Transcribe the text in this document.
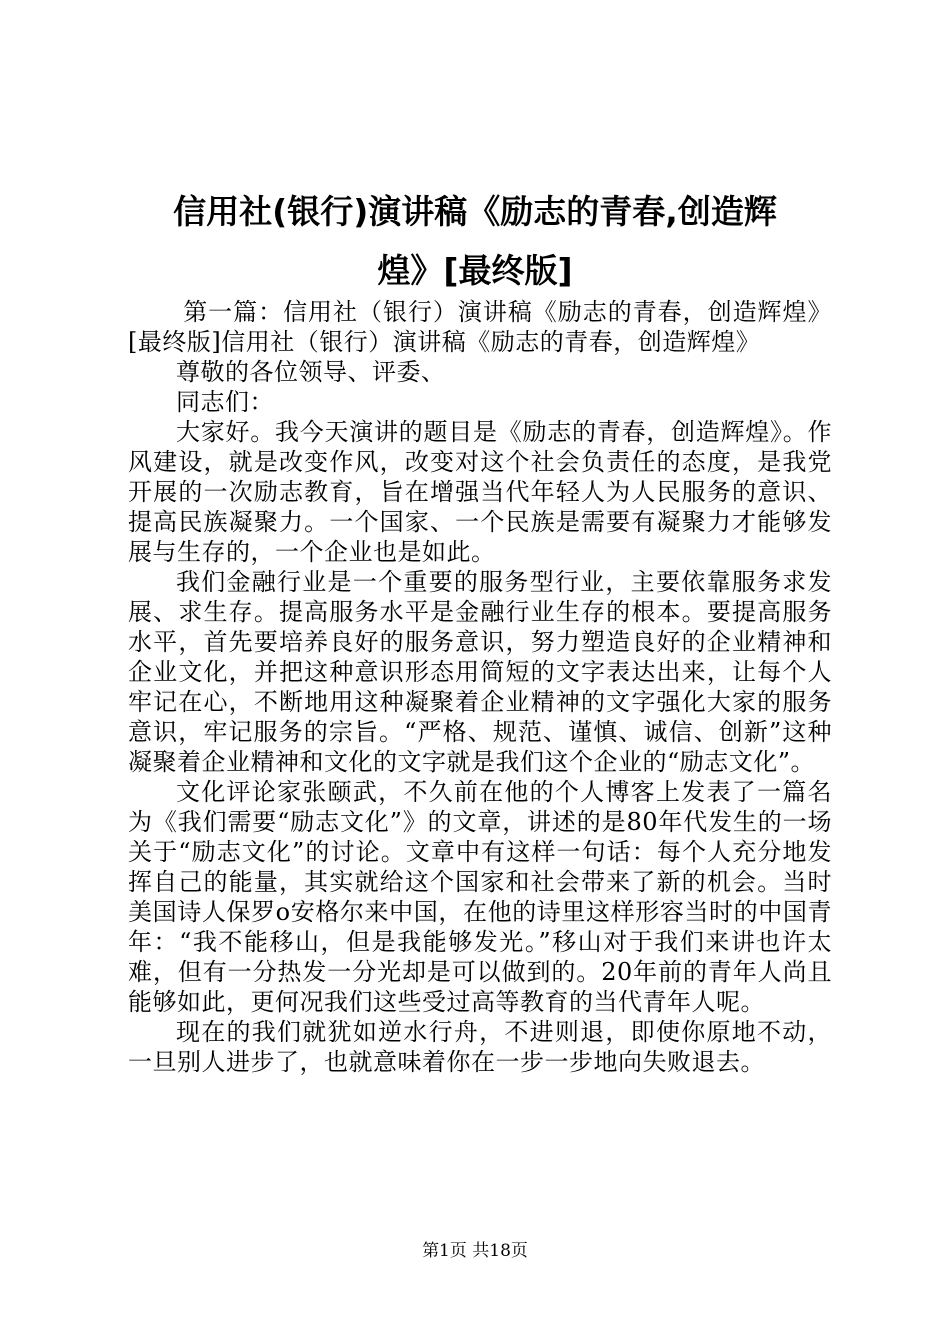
信用社(银行)演讲稿《励志的青春,创造辉
煌》[最终版]

第一篇：信用社（银行）演讲稿《励志的青春，创造辉煌》[最终版]信用社（银行）演讲稿《励志的青春，创造辉煌》

尊敬的各位领导、评委、

同志们：

大家好。我今天演讲的题目是《励志的青春，创造辉煌》。作风建设，就是改变作风，改变对这个社会负责任的态度，是我党开展的一次励志教育，旨在增强当代年轻人为人民服务的意识、提高民族凝聚力。一个国家、一个民族是需要有凝聚力才能够发展与生存的，一个企业也是如此。

我们金融行业是一个重要的服务型行业，主要依靠服务求发展、求生存。提高服务水平是金融行业生存的根本。要提高服务水平，首先要培养良好的服务意识，努力塑造良好的企业精神和企业文化，并把这种意识形态用简短的文字表达出来，让每个人牢记在心，不断地用这种凝聚着企业精神的文字强化大家的服务意识，牢记服务的宗旨。“严格、规范、谨慎、诚信、创新”这种凝聚着企业精神和文化的文字就是我们这个企业的“励志文化”。

文化评论家张颐武，不久前在他的个人博客上发表了一篇名为《我们需要“励志文化”》的文章，讲述的是80年代发生的一场关于“励志文化”的讨论。文章中有这样一句话：每个人充分地发挥自己的能量，其实就给这个国家和社会带来了新的机会。当时美国诗人保罗o安格尔来中国，在他的诗里这样形容当时的中国青年：“我不能移山，但是我能够发光。”移山对于我们来讲也许太难，但有一分热发一分光却是可以做到的。20年前的青年人尚且能够如此，更何况我们这些受过高等教育的当代青年人呢。

现在的我们就犹如逆水行舟，不进则退，即使你原地不动，一旦别人进步了，也就意味着你在一步一步地向失败退去。

第1页 共18页
